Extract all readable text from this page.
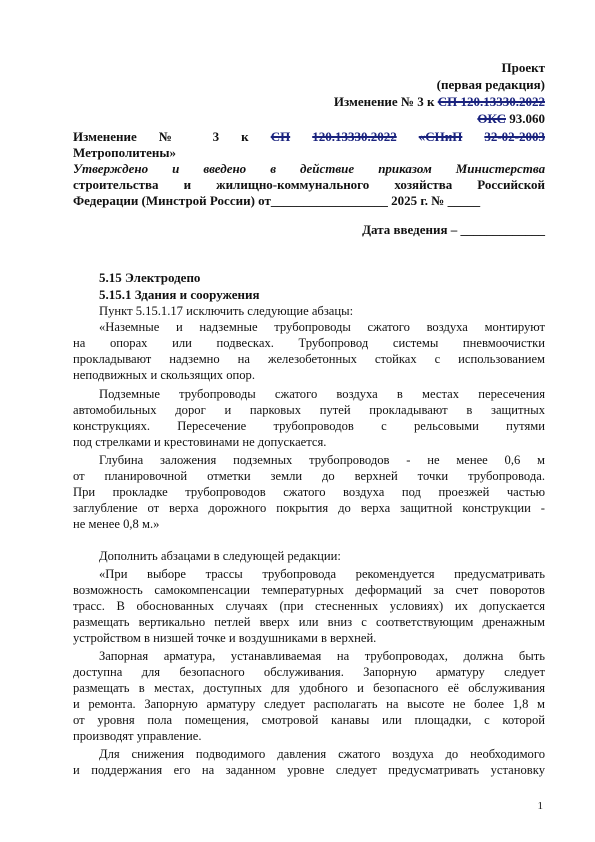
Проект
(первая редакция)
Изменение № 3 к СП 120.13330.2022
ОКС 93.060
Изменение № 3 к СП 120.13330.2022 «СНиП 32-02-2003
Метрополитены»
Утверждено и введено в действие приказом Министерства
строительства и жилищно-коммунального хозяйства Российской
Федерации (Минстрой России) от__________________ 2025 г. № _____
Дата введения – _____________
5.15 Электродепо
5.15.1 Здания и сооружения
Пункт 5.15.1.17 исключить следующие абзацы:
«Наземные и надземные трубопроводы сжатого воздуха монтируют
на опорах или подвесках. Трубопровод системы пневмоочистки
прокладывают надземно на железобетонных стойках с использованием
неподвижных и скользящих опор.
Подземные трубопроводы сжатого воздуха в местах пересечения
автомобильных дорог и парковых путей прокладывают в защитных
конструкциях. Пересечение трубопроводов с рельсовыми путями
под стрелками и крестовинами не допускается.
Глубина заложения подземных трубопроводов - не менее 0,6 м
от планировочной отметки земли до верхней точки трубопровода.
При прокладке трубопроводов сжатого воздуха под проезжей частью
заглубление от верха дорожного покрытия до верха защитной конструкции -
не менее 0,8 м.»
Дополнить абзацами в следующей редакции:
«При выборе трассы трубопровода рекомендуется предусматривать
возможность самокомпенсации температурных деформаций за счет поворотов
трасс. В обоснованных случаях (при стесненных условиях) их допускается
размещать вертикально петлей вверх или вниз с соответствующим дренажным
устройством в низшей точке и воздушниками в верхней.
Запорная арматура, устанавливаемая на трубопроводах, должна быть
доступна для безопасного обслуживания. Запорную арматуру следует
размещать в местах, доступных для удобного и безопасного её обслуживания
и ремонта. Запорную арматуру следует располагать на высоте не более 1,8 м
от уровня пола помещения, смотровой канавы или площадки, с которой
производят управление.
Для снижения подводимого давления сжатого воздуха до необходимого
и поддержания его на заданном уровне следует предусматривать установку
1
